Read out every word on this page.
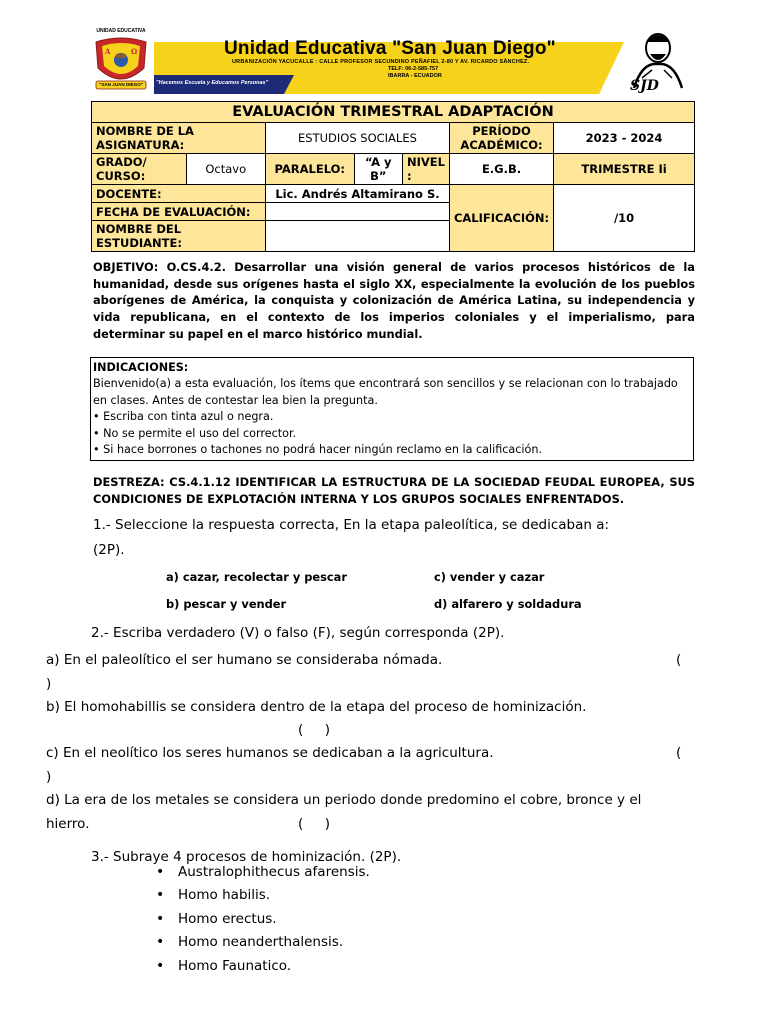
A	Ω
UNIDAD EDUCATIVA
"SAN JUAN DIEGO"
Unidad Educativa "San Juan Diego"
URBANIZACIÓN YACUCALLE : CALLE PROFESOR SECUNDINO PEÑAFIEL 2-80 Y AV. RICARDO SÁNCHEZ.
TELF: 06-2-585-757
IBARRA - ECUADOR
"Hacemos Escuela y Educamos Personas"	SJD
EVALUACIÓN TRIMESTRAL ADAPTACIÓN						
NOMBRE DE LA ASIGNATURA:		ESTUDIOS SOCIALES			PERÍODO ACADÉMICO:	2023 - 2024
GRADO/ CURSO:	Octavo	PARALELO:	“A y B”	NIVEL :	E.G.B.	TRIMESTRE Ii
DOCENTE:		Lic. Andrés Altamirano S.			CALIFICACIÓN:	/10
FECHA DE EVALUACIÓN:						
NOMBRE DEL ESTUDIANTE:						
OBJETIVO: O.CS.4.2. Desarrollar una visión general de varios procesos históricos de la humanidad, desde sus orígenes hasta el siglo XX, especialmente la evolución de los pueblos aborígenes de América, la conquista y colonización de América Latina, su independencia y vida republicana, en el contexto de los imperios coloniales y el imperialismo, para determinar su papel en el marco histórico mundial.
INDICACIONES:
Bienvenido(a) a esta evaluación, los ítems que encontrará son sencillos y se relacionan con lo trabajado en clases. Antes de contestar lea bien la pregunta.
• Escriba con tinta azul o negra.
• No se permite el uso del corrector.
• Si hace borrones o tachones no podrá hacer ningún reclamo en la calificación.
DESTREZA: CS.4.1.12 IDENTIFICAR LA ESTRUCTURA DE LA SOCIEDAD FEUDAL EUROPEA, SUS CONDICIONES DE EXPLOTACIÓN INTERNA Y LOS GRUPOS SOCIALES ENFRENTADOS.
1.- Seleccione la respuesta correcta, En la etapa paleolítica, se dedicaban a:
(2P).
a) cazar, recolectar y pescar	c) vender y cazar
b) pescar y vender	d) alfarero y soldadura
2.- Escriba verdadero (V) o falso (F), según corresponda (2P).
a) En el paleolítico el ser humano se consideraba nómada.	(
)
b) El homohabillis se considera dentro de la etapa del proceso de hominización.
(     )
c) En el neolítico los seres humanos se dedicaban a la agricultura.	(
)
d) La era de los metales se considera un periodo donde predomino el cobre, bronce y el
hierro.	(     )
3.- Subraye 4 procesos de hominización. (2P).
• Australophithecus afarensis.
• Homo habilis.
• Homo erectus.
• Homo neanderthalensis.
• Homo Faunatico.
